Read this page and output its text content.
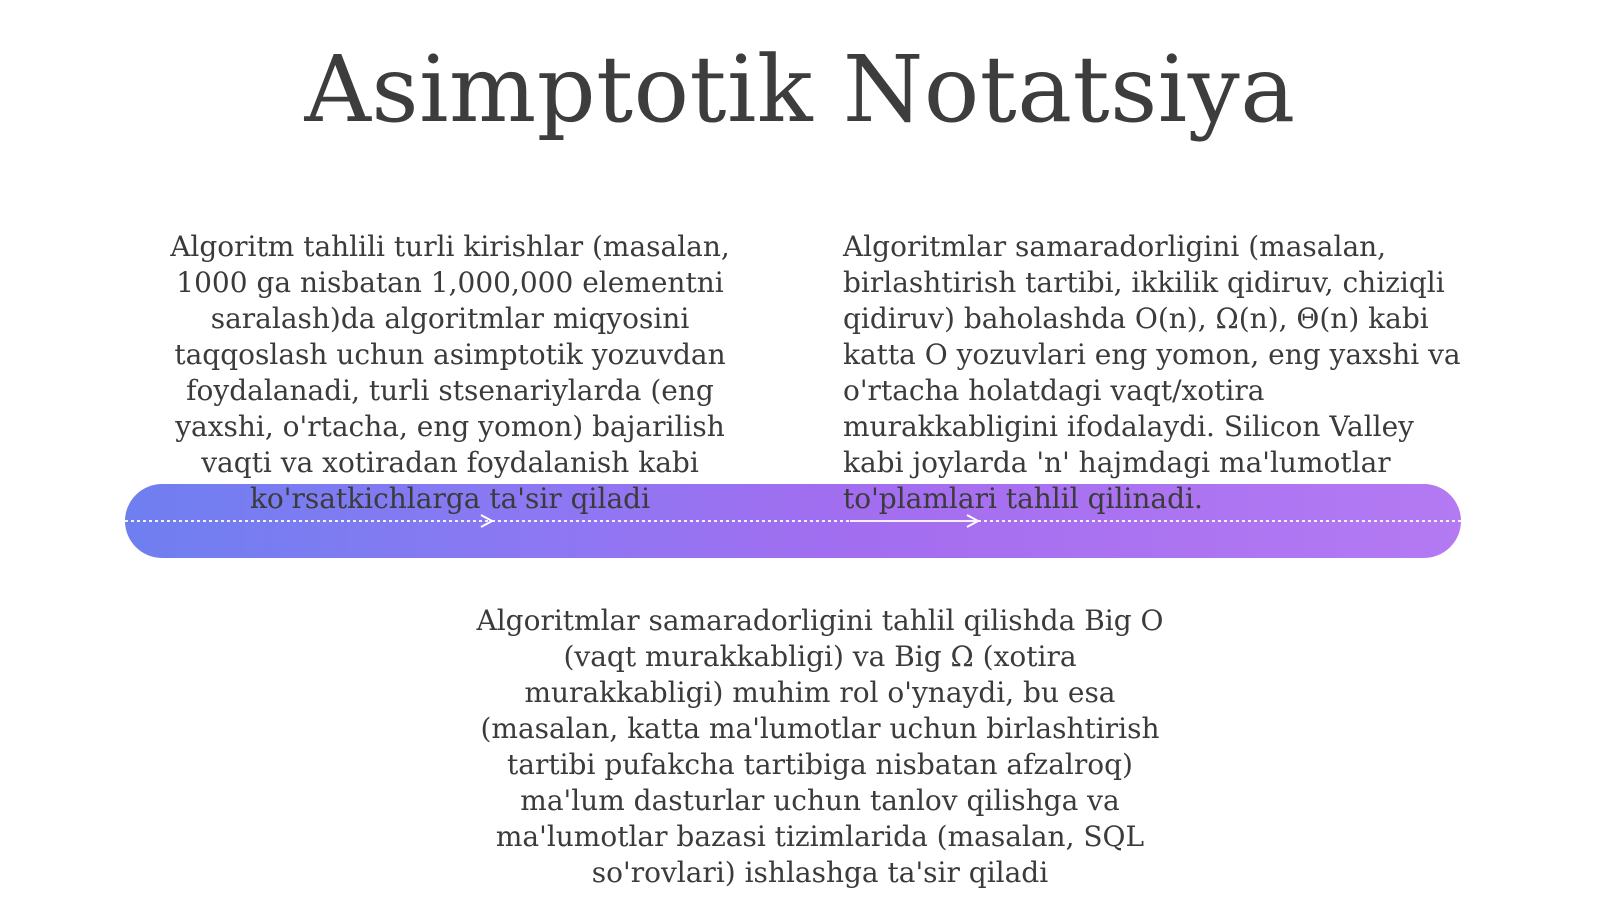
Asimptotik Notatsiya

Algoritm tahlili turli kirishlar (masalan,
1000 ga nisbatan 1,000,000 elementni
saralash)da algoritmlar miqyosini
taqqoslash uchun asimptotik yozuvdan
foydalanadi, turli stsenariylarda (eng
yaxshi, o'rtacha, eng yomon) bajarilish
vaqti va xotiradan foydalanish kabi
ko'rsatkichlarga ta'sir qiladi

Algoritmlar samaradorligini (masalan,
birlashtirish tartibi, ikkilik qidiruv, chiziqli
qidiruv) baholashda O(n), Ω(n), Θ(n) kabi
katta O yozuvlari eng yomon, eng yaxshi va
o'rtacha holatdagi vaqt/xotira
murakkabligini ifodalaydi. Silicon Valley
kabi joylarda 'n' hajmdagi ma'lumotlar
to'plamlari tahlil qilinadi.

Algoritmlar samaradorligini tahlil qilishda Big O
(vaqt murakkabligi) va Big Ω (xotira
murakkabligi) muhim rol o'ynaydi, bu esa
(masalan, katta ma'lumotlar uchun birlashtirish
tartibi pufakcha tartibiga nisbatan afzalroq)
ma'lum dasturlar uchun tanlov qilishga va
ma'lumotlar bazasi tizimlarida (masalan, SQL
so'rovlari) ishlashga ta'sir qiladi
